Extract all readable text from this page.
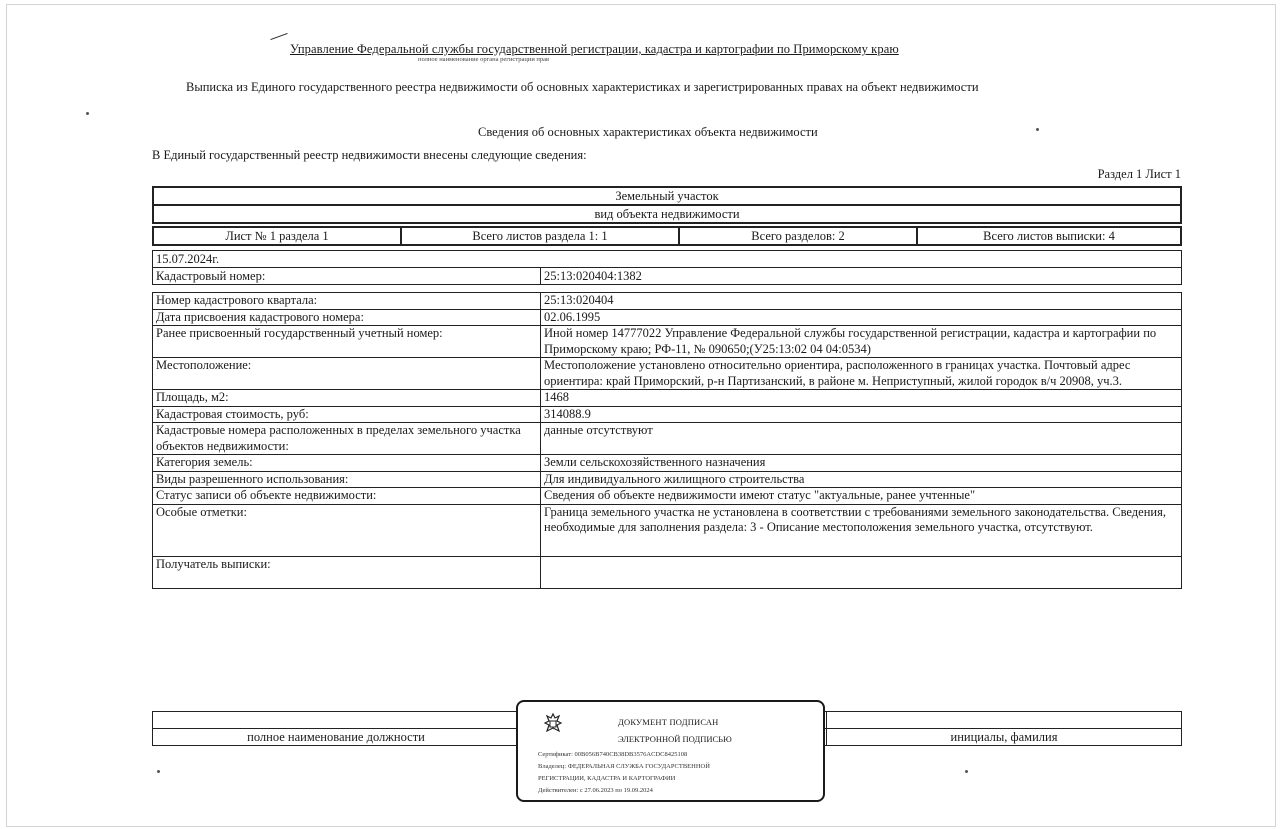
Управление Федеральной службы государственной регистрации, кадастра и картографии по Приморскому краю
полное наименование органа регистрации прав
Выписка из Единого государственного реестра недвижимости об основных характеристиках и зарегистрированных правах на объект недвижимости
Сведения об основных характеристиках объекта недвижимости
В Единый государственный реестр недвижимости внесены следующие сведения:
Раздел 1 Лист 1
Земельный участок
вид объекта недвижимости
Лист № 1 раздела 1	Всего листов раздела 1: 1	Всего разделов: 2	Всего листов выписки: 4
15.07.2024г.
Кадастровый номер:	25:13:020404:1382
Номер кадастрового квартала:	25:13:020404
Дата присвоения кадастрового номера:	02.06.1995
Ранее присвоенный государственный учетный номер:	Иной номер 14777022 Управление Федеральной службы государственной регистрации, кадастра и картографии по Приморскому краю; РФ-11, № 090650;(У25:13:02 04 04:0534)
Местоположение:	Местоположение установлено относительно ориентира, расположенного в границах участка. Почтовый адрес ориентира: край Приморский, р-н Партизанский, в районе м. Неприступный, жилой городок в/ч 20908, уч.3.
Площадь, м2:	1468
Кадастровая стоимость, руб:	314088.9
Кадастровые номера расположенных в пределах земельного участка объектов недвижимости:	данные отсутствуют
Категория земель:	Земли сельскохозяйственного назначения
Виды разрешенного использования:	Для индивидуального жилищного строительства
Статус записи об объекте недвижимости:	Сведения об объекте недвижимости имеют статус "актуальные, ранее учтенные"
Особые отметки:	Граница земельного участка не установлена в соответствии с требованиями земельного законодательства. Сведения, необходимые для заполнения раздела: 3 - Описание местоположения земельного участка, отсутствуют.
Получатель выписки:	

полное наименование должности		инициалы, фамилия
ДОКУМЕНТ ПОДПИСАН
ЭЛЕКТРОННОЙ ПОДПИСЬЮ
Сертификат: 00B056B740CB38DB3576ACDC8425108
Владелец: ФЕДЕРАЛЬНАЯ СЛУЖБА ГОСУДАРСТВЕННОЙ
РЕГИСТРАЦИИ, КАДАСТРА И КАРТОГРАФИИ
Действителен: с 27.06.2023 по 19.09.2024
